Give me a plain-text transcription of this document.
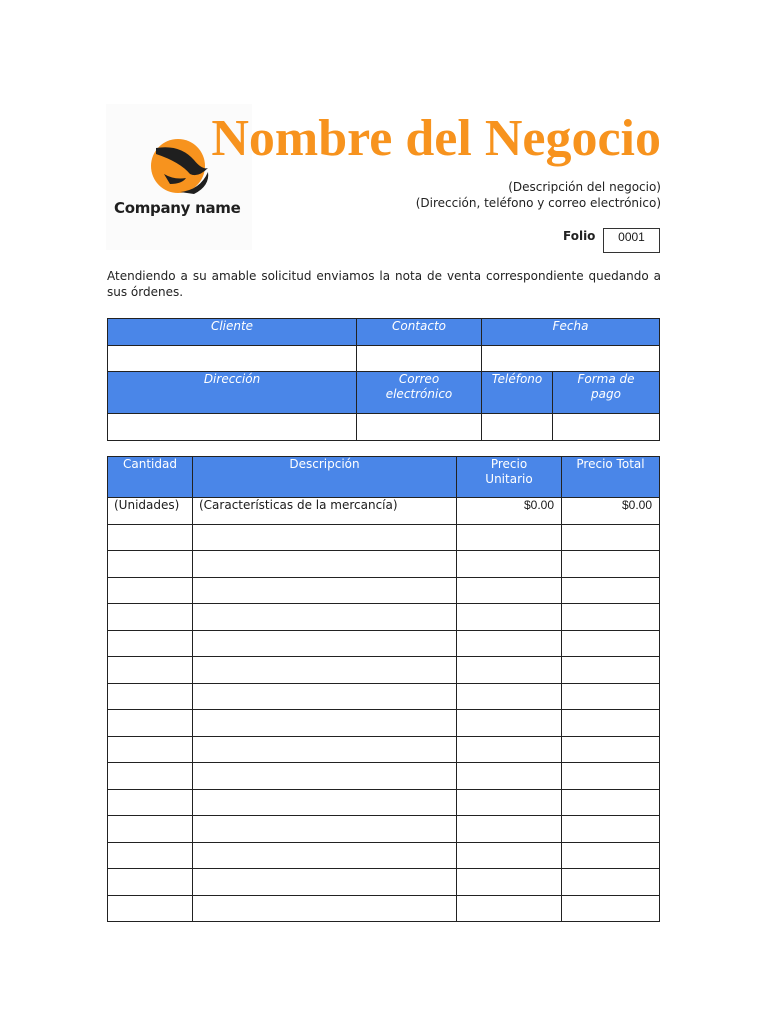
Company name
Nombre del Negocio
(Descripción del negocio)
(Dirección, teléfono y correo electrónico)
Folio	0001
Atendiendo a su amable solicitud enviamos la nota de venta correspondiente quedando a sus órdenes.
Cliente	Contacto	Fecha	

Dirección	Correo electrónico	Teléfono	Forma de pago

Cantidad	Descripción	Precio Unitario	Precio Total
(Unidades)	(Características de la mercancía)	$0.00	$0.00
